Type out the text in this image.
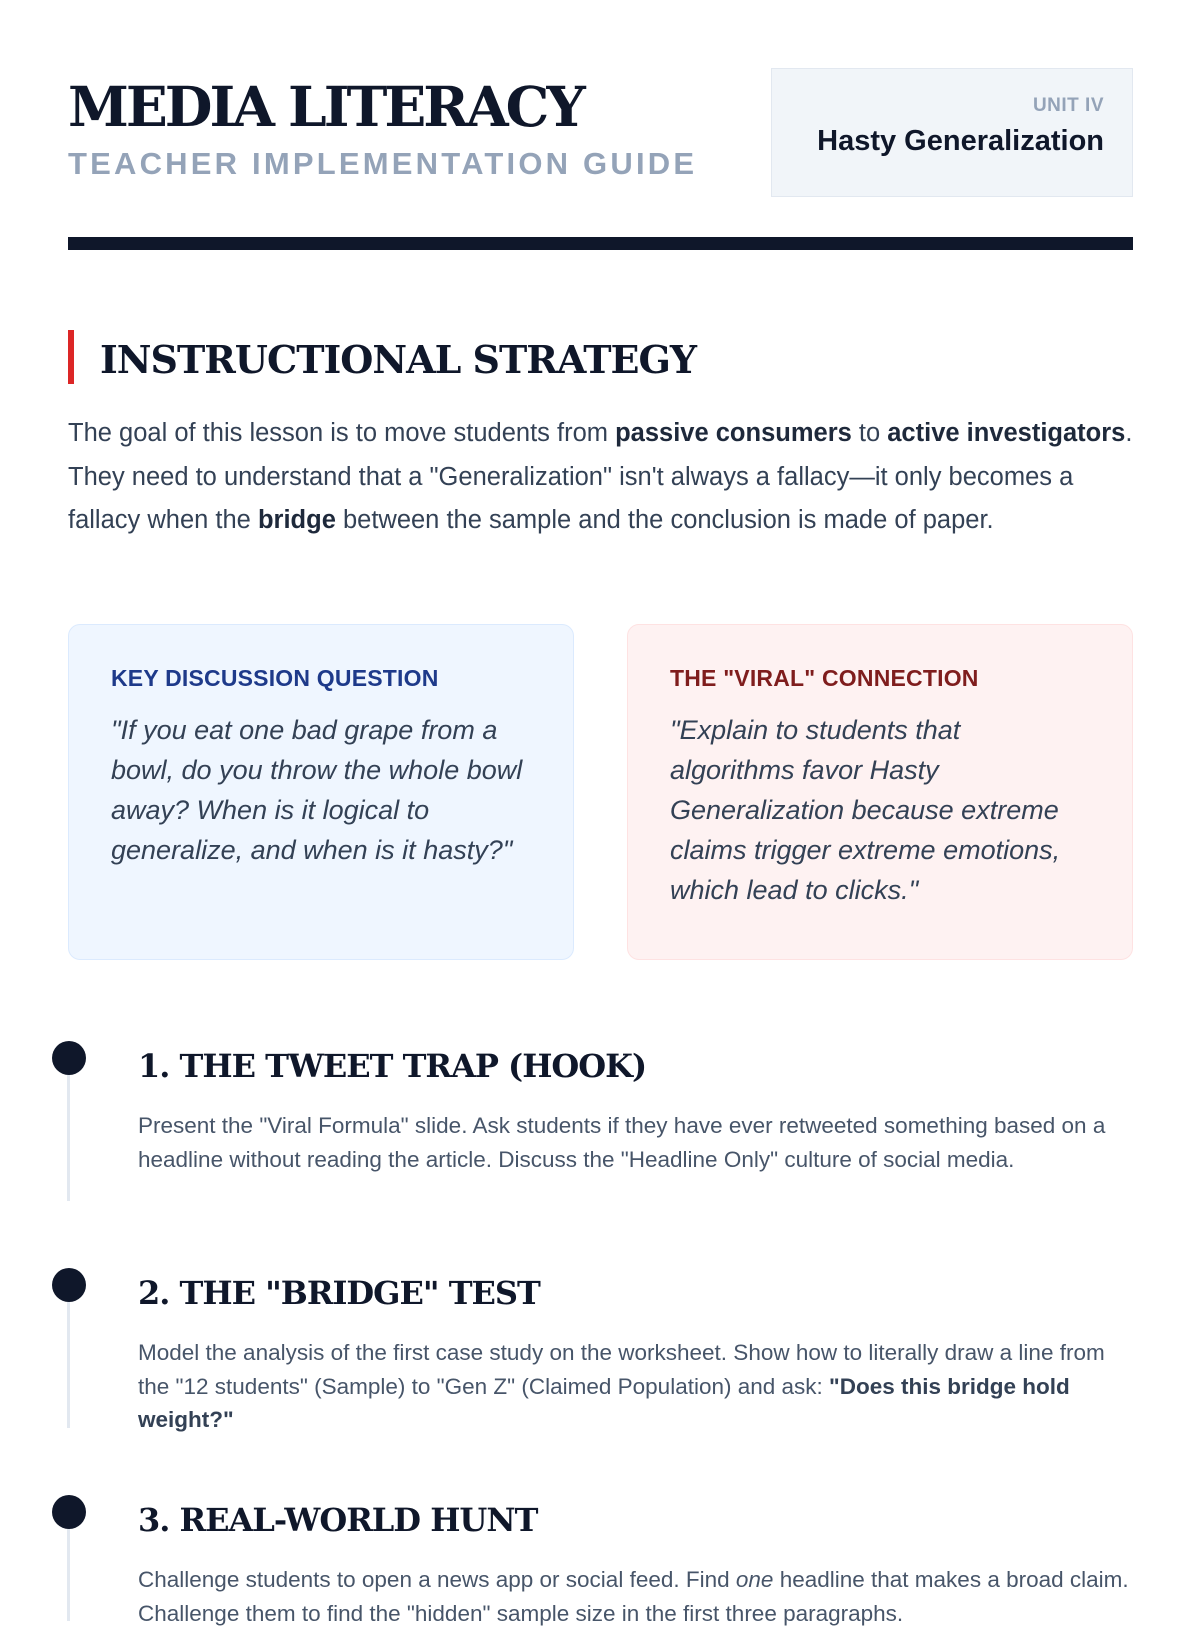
MEDIA LITERACY
TEACHER IMPLEMENTATION GUIDE
UNIT IV
Hasty Generalization
INSTRUCTIONAL STRATEGY

The goal of this lesson is to move students from passive consumers to active investigators. They need to understand that a "Generalization" isn't always a fallacy—it only becomes a fallacy when the bridge between the sample and the conclusion is made of paper.

KEY DISCUSSION QUESTION
"If you eat one bad grape from a bowl, do you throw the whole bowl away? When is it logical to generalize, and when is it hasty?"
THE "VIRAL" CONNECTION
"Explain to students that algorithms favor Hasty Generalization because extreme claims trigger extreme emotions, which lead to clicks."
1. THE TWEET TRAP (HOOK)

Present the "Viral Formula" slide. Ask students if they have ever retweeted something based on a headline without reading the article. Discuss the "Headline Only" culture of social media.

2. THE "BRIDGE" TEST

Model the analysis of the first case study on the worksheet. Show how to literally draw a line from the "12 students" (Sample) to "Gen Z" (Claimed Population) and ask: "Does this bridge hold weight?"

3. REAL-WORLD HUNT

Challenge students to open a news app or social feed. Find one headline that makes a broad claim. Challenge them to find the "hidden" sample size in the first three paragraphs.
